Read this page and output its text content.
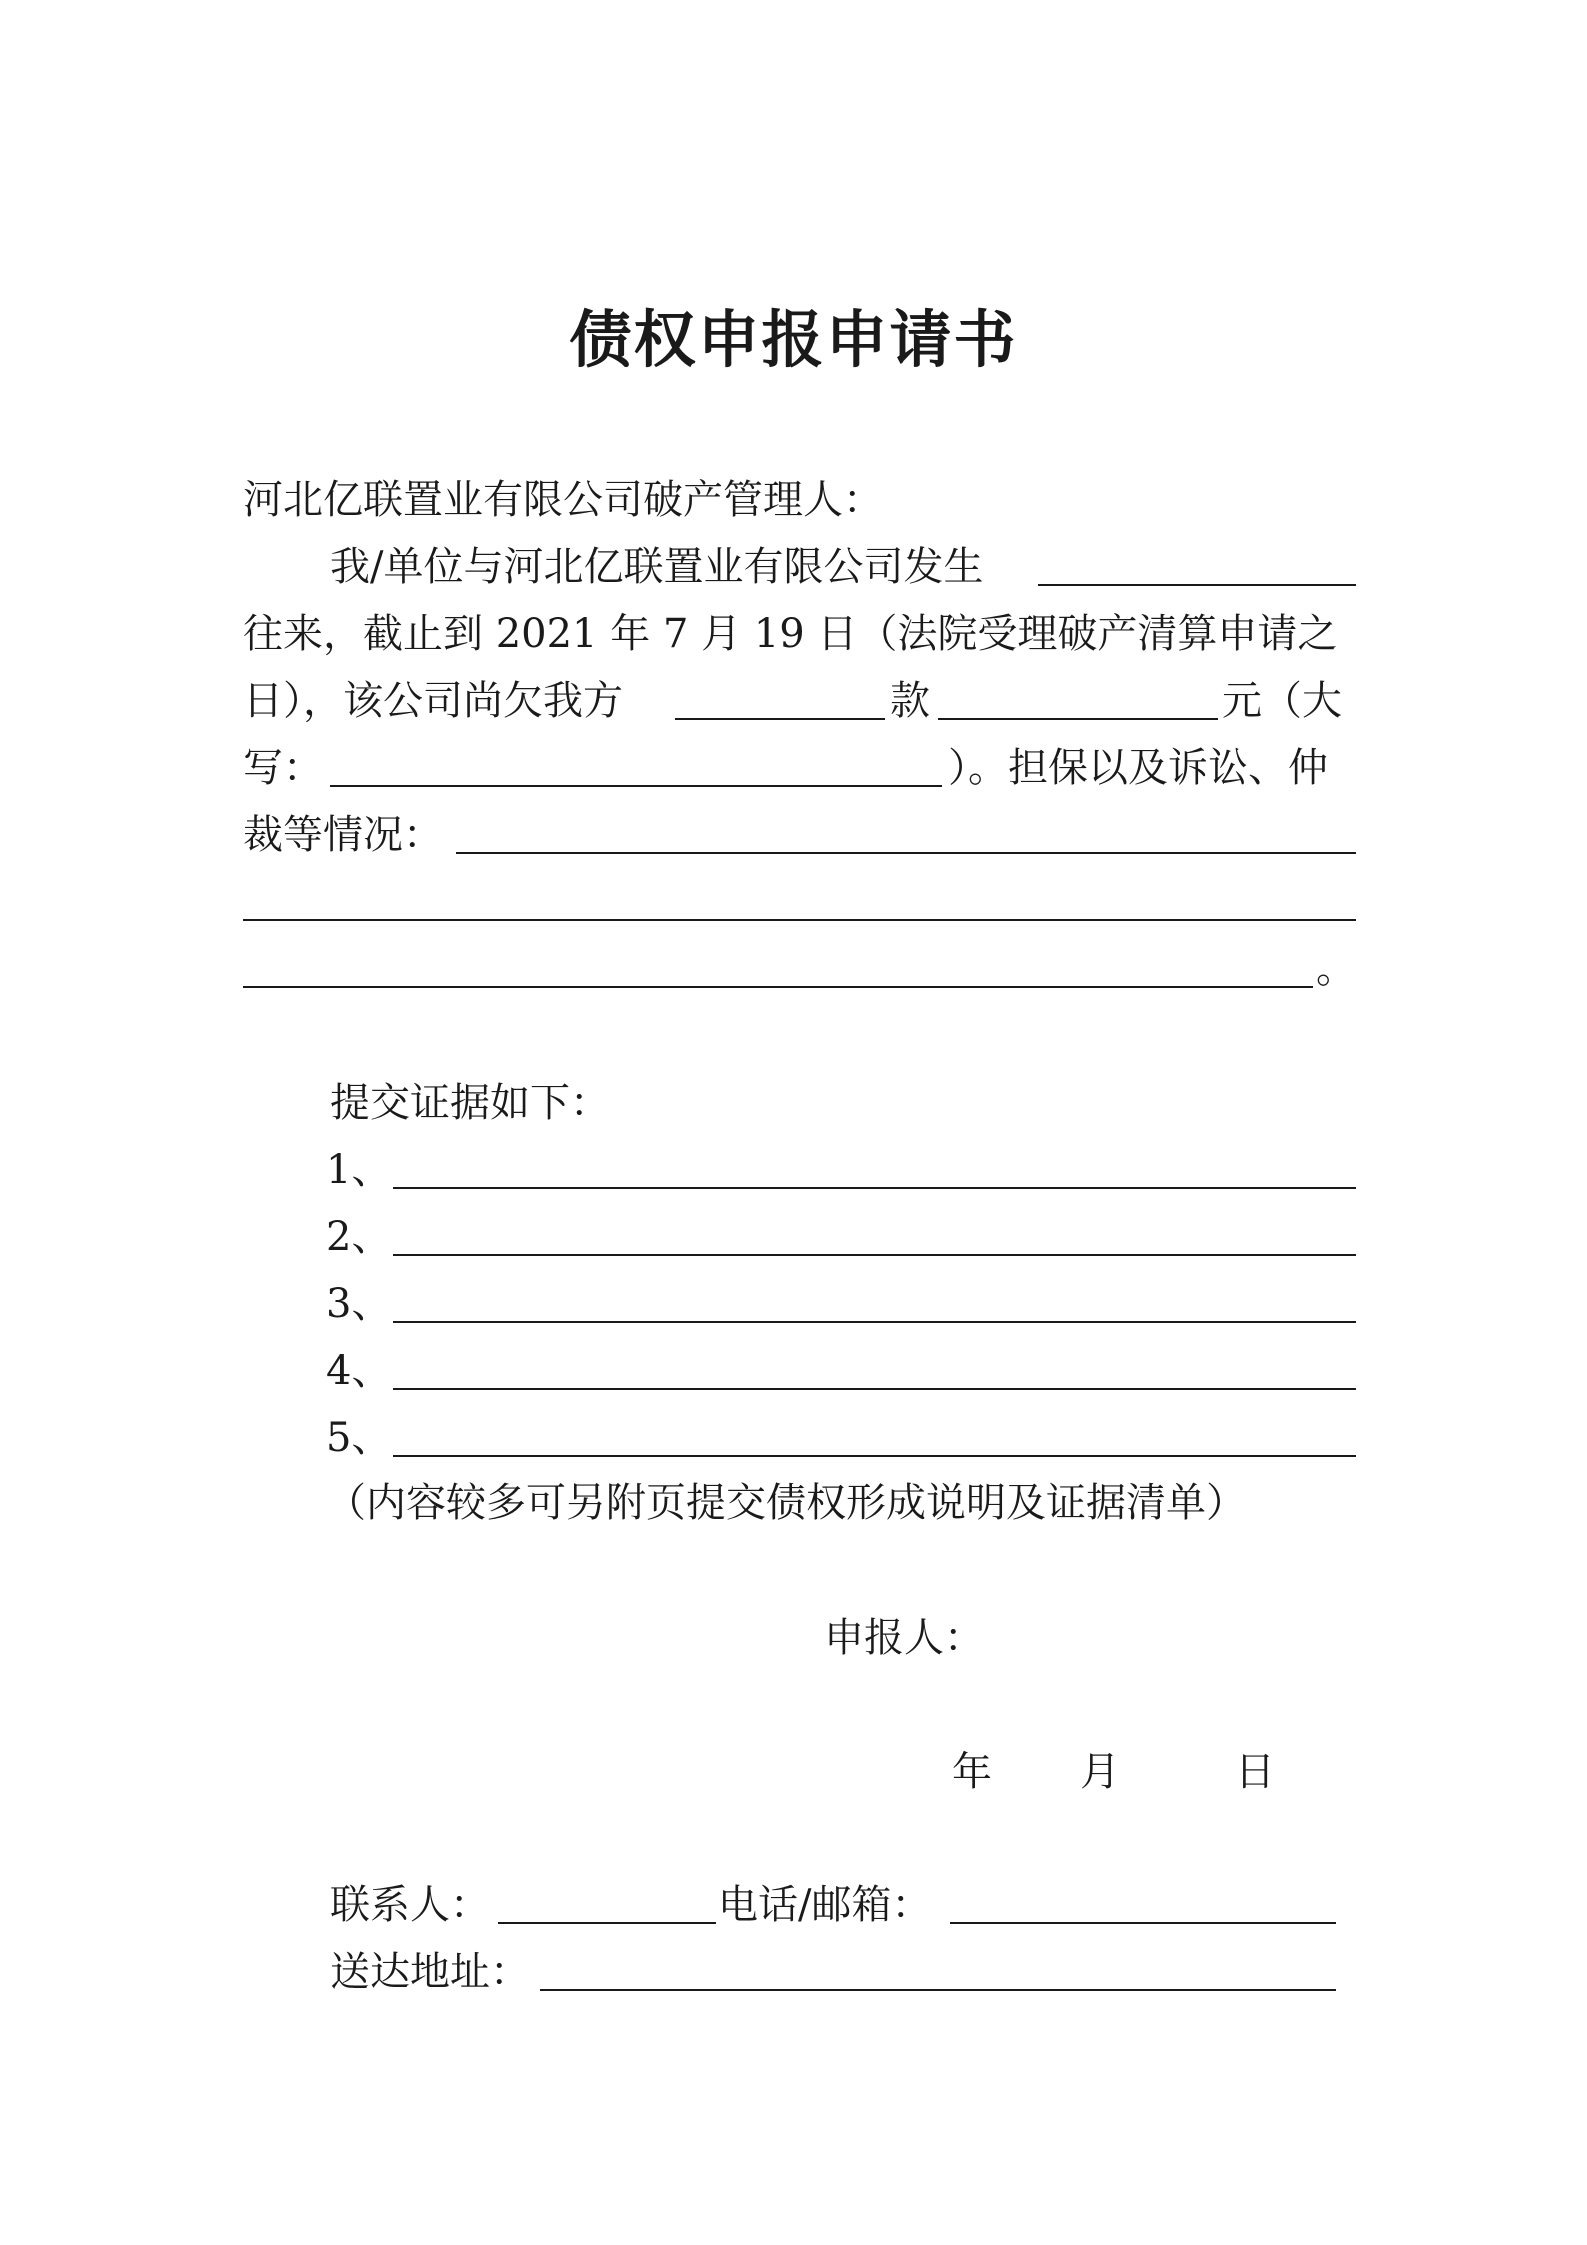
债权申报申请书
河北亿联置业有限公司破产管理人：
我/单位与河北亿联置业有限公司发生
往来，截止到 2021 年 7 月 19 日（法院受理破产清算申请之
日），该公司尚欠我方	款	元（大
写：	）。担保以及诉讼、仲
裁等情况：
。
提交证据如下：
1、
2、
3、
4、
5、
（内容较多可另附页提交债权形成说明及证据清单）
申报人：
年 月	日
联系人：	电话/邮箱：
送达地址：
